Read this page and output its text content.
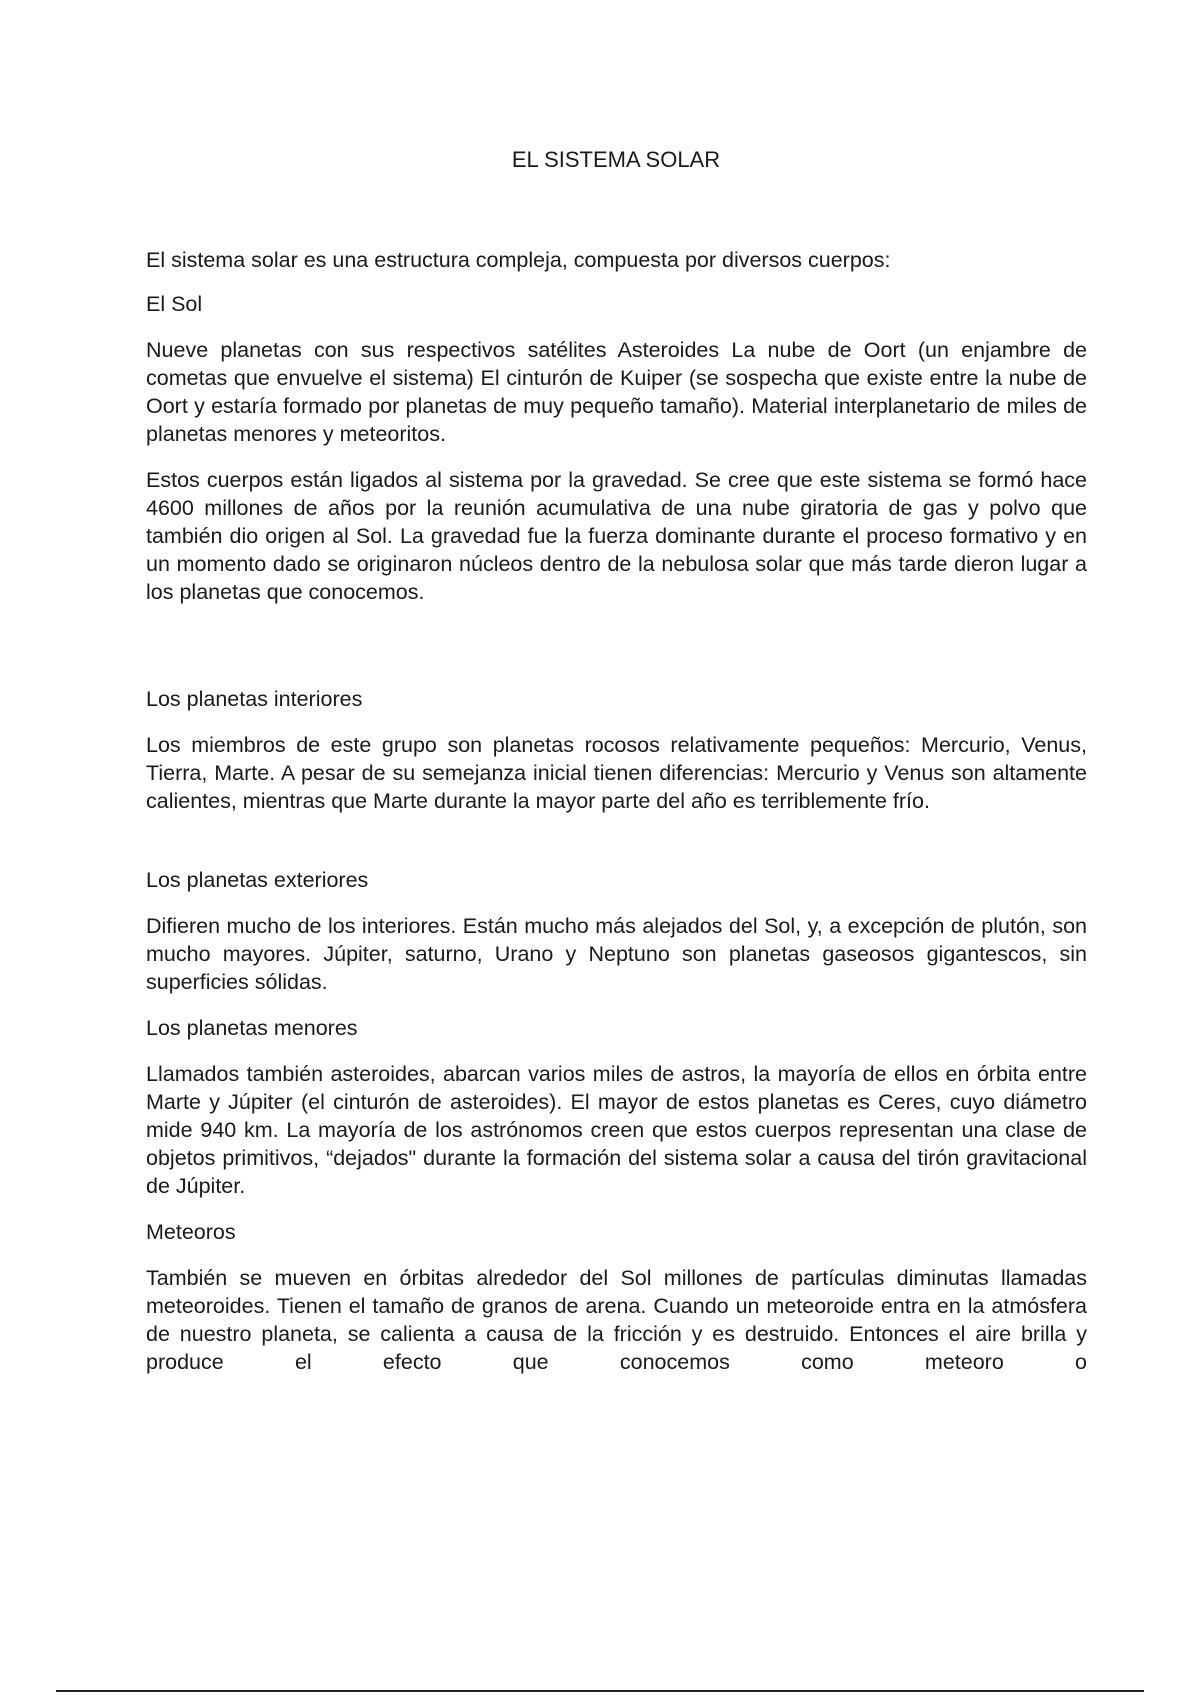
EL SISTEMA SOLAR

El sistema solar es una estructura compleja, compuesta por diversos cuerpos:

El Sol

Nueve planetas con sus respectivos satélites Asteroides La nube de Oort (un enjambre de cometas que envuelve el sistema) El cinturón de Kuiper (se sospecha que existe entre la nube de Oort y estaría formado por planetas de muy pequeño tamaño). Material interplanetario de miles de planetas menores y meteoritos.

Estos cuerpos están ligados al sistema por la gravedad. Se cree que este sistema se formó hace 4600 millones de años por la reunión acumulativa de una nube giratoria de gas y polvo que también dio origen al Sol. La gravedad fue la fuerza dominante durante el proceso formativo y en un momento dado se originaron núcleos dentro de la nebulosa solar que más tarde dieron lugar a los planetas que conocemos.

Los planetas interiores

Los miembros de este grupo son planetas rocosos relativamente pequeños: Mercurio, Venus, Tierra, Marte. A pesar de su semejanza inicial tienen diferencias: Mercurio y Venus son altamente calientes, mientras que Marte durante la mayor parte del año es terriblemente frío.

Los planetas exteriores

Difieren mucho de los interiores. Están mucho más alejados del Sol, y, a excepción de plutón, son mucho mayores. Júpiter, saturno, Urano y Neptuno son planetas gaseosos gigantescos, sin superficies sólidas.

Los planetas menores

Llamados también asteroides, abarcan varios miles de astros, la mayoría de ellos en órbita entre Marte y Júpiter (el cinturón de asteroides). El mayor de estos planetas es Ceres, cuyo diámetro mide 940 km. La mayoría de los astrónomos creen que estos cuerpos representan una clase de objetos primitivos, “dejados" durante la formación del sistema solar a causa del tirón gravitacional de Júpiter.

Meteoros

También se mueven en órbitas alrededor del Sol millones de partículas diminutas llamadas meteoroides. Tienen el tamaño de granos de arena. Cuando un meteoroide entra en la atmósfera de nuestro planeta, se calienta a causa de la fricción y es destruido. Entonces el aire brilla y produce el efecto que conocemos como meteoro o
